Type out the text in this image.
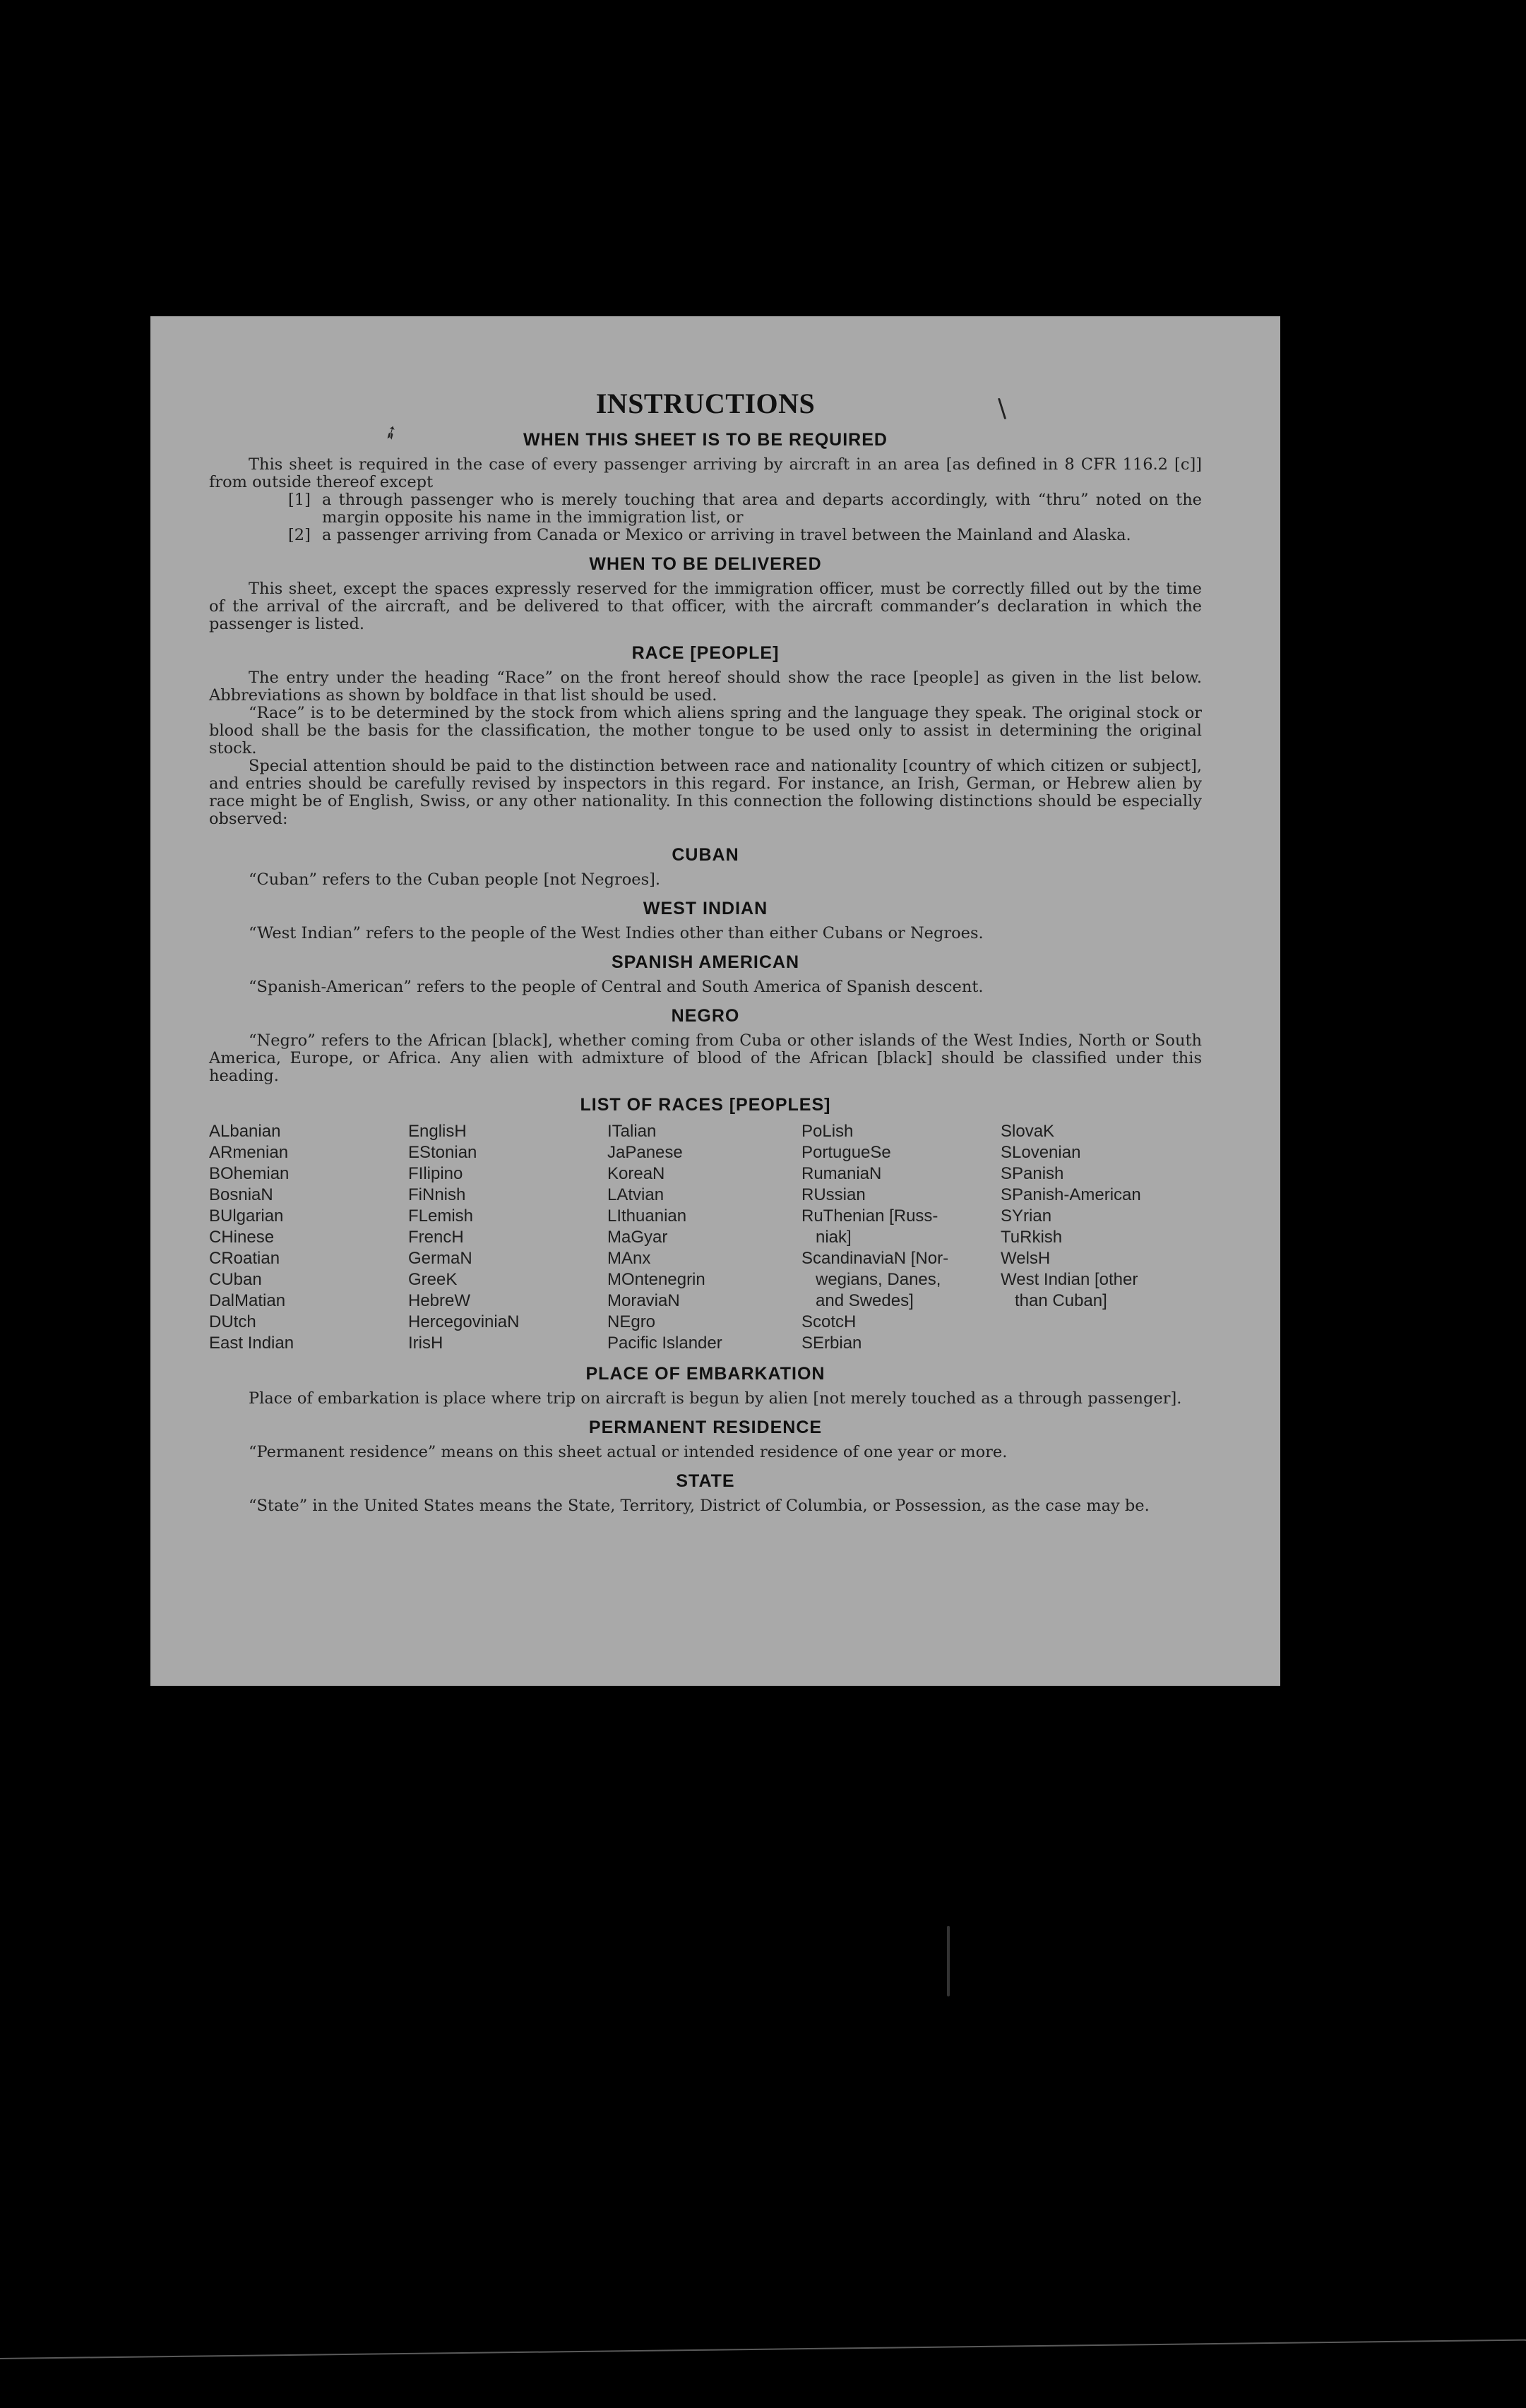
➶
\
INSTRUCTIONS
WHEN THIS SHEET IS TO BE REQUIRED

This sheet is required in the case of every passenger arriving by aircraft in an area [as defined in 8 CFR 116.2 [c]] from outside thereof except

[1] a through passenger who is merely touching that area and departs accordingly, with “thru” noted on the margin opposite his name in the immigration list, or
[2] a passenger arriving from Canada or Mexico or arriving in travel between the Mainland and Alaska.
WHEN TO BE DELIVERED

This sheet, except the spaces expressly reserved for the immigration officer, must be correctly filled out by the time of the arrival of the aircraft, and be delivered to that officer, with the aircraft commander’s declaration in which the passenger is listed.

RACE [PEOPLE]

The entry under the heading “Race” on the front hereof should show the race [people] as given in the list below. Abbreviations as shown by boldface in that list should be used.

“Race” is to be determined by the stock from which aliens spring and the language they speak. The original stock or blood shall be the basis for the classification, the mother tongue to be used only to assist in determining the original stock.

Special attention should be paid to the distinction between race and nationality [country of which citizen or subject], and entries should be carefully revised by inspectors in this regard. For instance, an Irish, German, or Hebrew alien by race might be of English, Swiss, or any other nationality. In this connection the following distinctions should be especially observed:

CUBAN

“Cuban” refers to the Cuban people [not Negroes].

WEST INDIAN

“West Indian” refers to the people of the West Indies other than either Cubans or Negroes.

SPANISH AMERICAN

“Spanish-American” refers to the people of Central and South America of Spanish descent.

NEGRO

“Negro” refers to the African [black], whether coming from Cuba or other islands of the West Indies, North or South America, Europe, or Africa. Any alien with admixture of blood of the African [black] should be classified under this heading.

LIST OF RACES [PEOPLES]
ALbanian
ARmenian
BOhemian
BosniaN
BUlgarian
CHinese
CRoatian
CUban
DalMatian
DUtch
East Indian
EnglisH
EStonian
FIlipino
FiNnish
FLemish
FrencH
GermaN
GreeK
HebreW
HercegoviniaN
IrisH
ITalian
JaPanese
KoreaN
LAtvian
LIthuanian
MaGyar
MAnx
MOntenegrin
MoraviaN
NEgro
Pacific Islander
PoLish
PortugueSe
RumaniaN
RUssian
RuThenian [Russ-
niak]
ScandinaviaN [Nor-
wegians, Danes,
and Swedes]
ScotcH
SErbian
SlovaK
SLovenian
SPanish
SPanish-American
SYrian
TuRkish
WelsH
West Indian [other
than Cuban]
PLACE OF EMBARKATION

Place of embarkation is place where trip on aircraft is begun by alien [not merely touched as a through passenger].

PERMANENT RESIDENCE

“Permanent residence” means on this sheet actual or intended residence of one year or more.

STATE

“State” in the United States means the State, Territory, District of Columbia, or Possession, as the case may be.
